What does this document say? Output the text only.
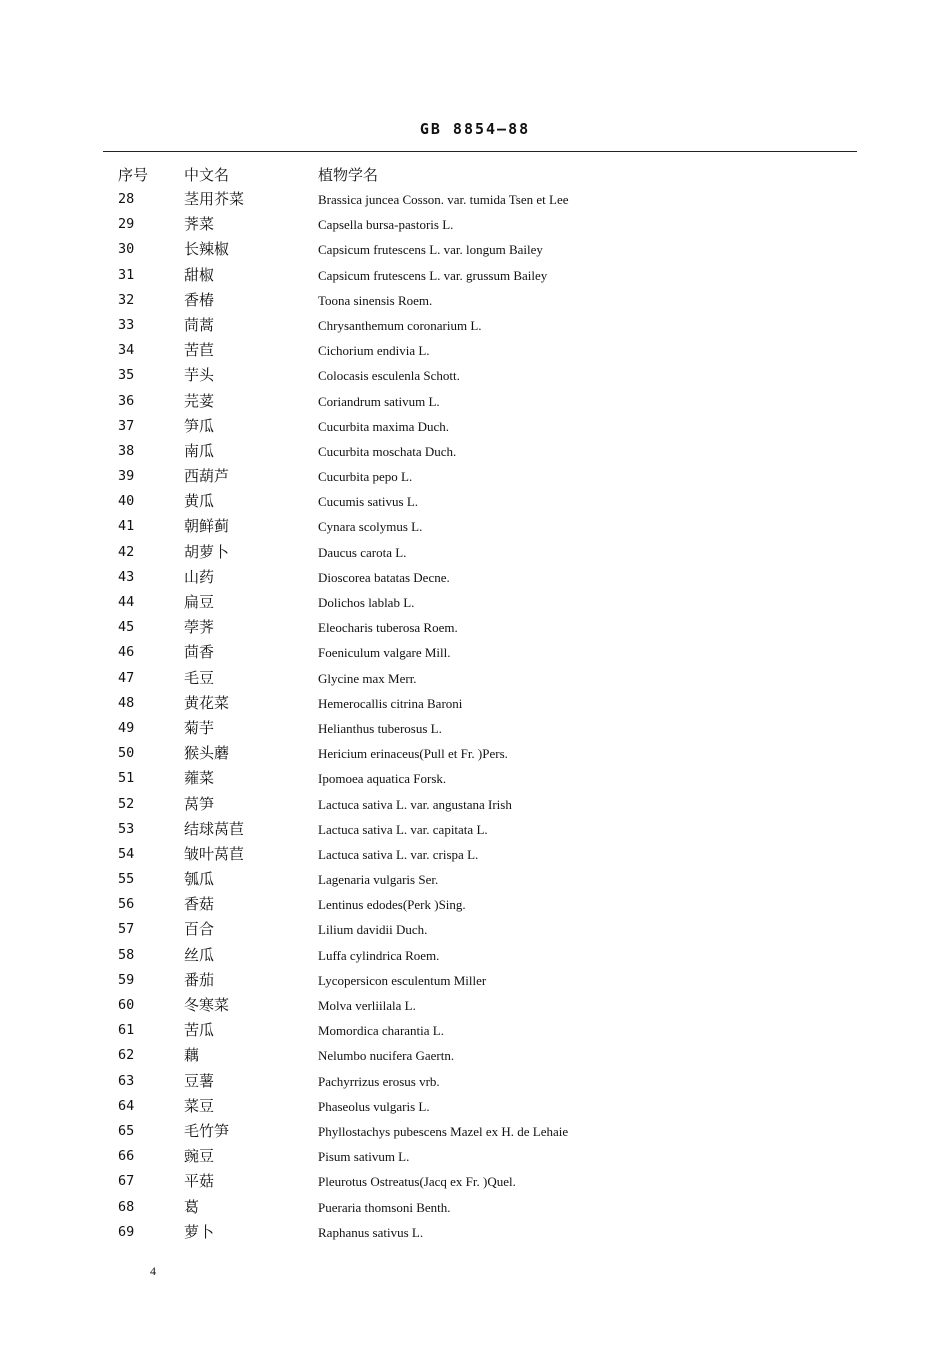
GB 8854—88
序号 中文名	植物学名
28	茎用芥菜	Brassica juncea Cosson. var. tumida Tsen et Lee
29	荠菜	Capsella bursa-pastoris L.
30	长辣椒	Capsicum frutescens L. var. longum Bailey
31	甜椒	Capsicum frutescens L. var. grussum Bailey
32	香椿	Toona sinensis Roem.
33	茼蒿	Chrysanthemum coronarium L.
34	苦苣	Cichorium endivia L.
35	芋头	Colocasis esculenla Schott.
36	芫荽	Coriandrum sativum L.
37	笋瓜	Cucurbita maxima Duch.
38	南瓜	Cucurbita moschata Duch.
39	西葫芦	Cucurbita pepo L.
40	黄瓜	Cucumis sativus L.
41	朝鲜蓟	Cynara scolymus L.
42	胡萝卜	Daucus carota L.
43	山药	Dioscorea batatas Decne.
44	扁豆	Dolichos lablab L.
45	荸荠	Eleocharis tuberosa Roem.
46	茴香	Foeniculum valgare Mill.
47	毛豆	Glycine max Merr.
48	黄花菜	Hemerocallis citrina Baroni
49	菊芋	Helianthus tuberosus L.
50	猴头蘑	Hericium erinaceus(Pull et Fr. )Pers.
51	蕹菜	Ipomoea aquatica Forsk.
52	莴笋	Lactuca sativa L. var. angustana Irish
53	结球莴苣	Lactuca sativa L. var. capitata L.
54	皱叶莴苣	Lactuca sativa L. var. crispa L.
55	瓠瓜	Lagenaria vulgaris Ser.
56	香菇	Lentinus edodes(Perk )Sing.
57	百合	Lilium davidii Duch.
58	丝瓜	Luffa cylindrica Roem.
59	番茄	Lycopersicon esculentum Miller
60	冬寒菜	Molva verliilala L.
61	苦瓜	Momordica charantia L.
62	藕	Nelumbo nucifera Gaertn.
63	豆薯	Pachyrrizus erosus vrb.
64	菜豆	Phaseolus vulgaris L.
65	毛竹笋	Phyllostachys pubescens Mazel ex H. de Lehaie
66	豌豆	Pisum sativum L.
67	平菇	Pleurotus Ostreatus(Jacq ex Fr. )Quel.
68	葛	Pueraria thomsoni Benth.
69	萝卜	Raphanus sativus L.
4
